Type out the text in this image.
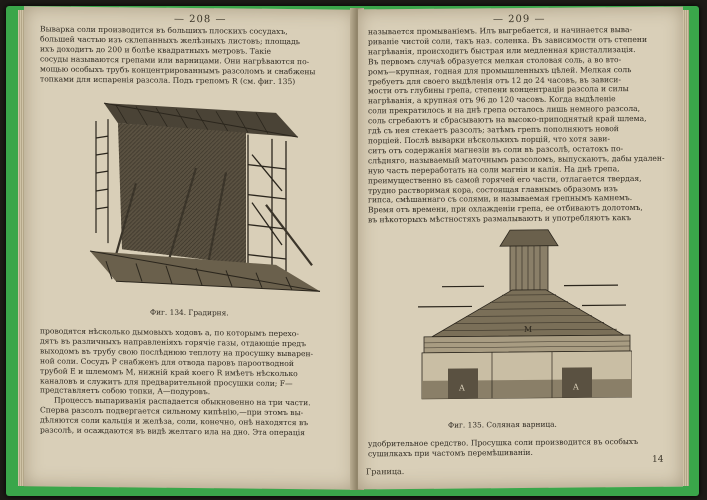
— 208 —
Выварка соли производится въ большихъ плоскихъ сосудахъ,
большей частью изъ склепанныхъ желѣзныхъ листовъ; площадь
ихъ доходитъ до 200 и болѣе квадратныхъ метровъ. Такіе
сосуды называются грепами или варницами. Они нагрѣваются по-
мощью особыхъ трубъ концентрированнымъ разсоломъ и снабжены
топками для испаренія разсола. Подъ грепомъ R (см. фиг. 135)
Фиг. 134. Градирня.
проводятся нѣсколько дымовыхъ ходовъ а, по которымъ перехо-
дятъ въ различныхъ направленіяхъ горячіе газы, отдающіе предъ
выходомъ въ трубу свою послѣднюю теплоту на просушку выварен-
ной соли. Сосудъ P снабженъ для отвода паровъ пароотводной
трубой E и шлемомъ M, нижній край коего R имѣетъ нѣсколько
каналовъ и служитъ для предварительной просушки соли; F—
представляетъ собою топки, A—подуровъ.
Процессъ выпариванія распадается обыкновенно на три части.
Сперва разсолъ подвергается сильному кипѣнію,—при этомъ вы-
дѣляются соли кальція и желѣза, соли, конечно, онѣ находятся въ
разсолѣ, и осаждаются въ видѣ желтаго ила на дно. Эта операція
— 209 —
называется промыванiемъ. Илъ выгребается, и начинается выва-
риваніе чистой соли, такъ наз. соленка. Въ зависимости отъ степени
нагрѣванія, происходитъ быстрая или медленная кристаллизація.
Въ первомъ случаѣ образуется мелкая столовая соль, а во вто-
ромъ—крупная, годная для промышленныхъ цѣлей. Мелкая соль
требуетъ для своего выдѣленія отъ 12 до 24 часовъ, въ зависи-
мости отъ глубины грепа, степени концентраціи разсола и силы
нагрѣванія, а крупная отъ 96 до 120 часовъ. Когда выдѣленіе
соли прекратилось и на днѣ грепа осталось лишь немного разсола,
соль сгребаютъ и сбрасываютъ на высоко-приподнятый край шлема,
гдѣ съ нея стекаетъ разсолъ; затѣмъ грепъ пополняютъ новой
порцiей. Послѣ выварки нѣсколькихъ порцій, что хотя зави-
ситъ отъ содержанія магнезіи въ соли въ разсолѣ, остатокъ по-
слѣдняго, называемый маточнымъ разсоломъ, выпускаютъ, дабы удален-
ную часть переработать на соли магнія и калія. На днѣ грепа,
преимущественно въ самой горячей его части, отлагается твердая,
трудно растворимая кора, состоящая главнымъ образомъ изъ
гипса, смѣшаннаго съ солями, и называемая грепнымъ камнемъ.
Время отъ времени, при охлажденіи грепа, ее отбиваютъ долотомъ,
въ нѣкоторыхъ мѣстностяхъ размалываютъ и употребляютъ какъ
M
A	A
Фиг. 135. Соляная варница.
удобрительное средство. Просушка соли производится въ особыхъ
сушилкахъ при частомъ перемѣшиваніи.
Граница.
14
